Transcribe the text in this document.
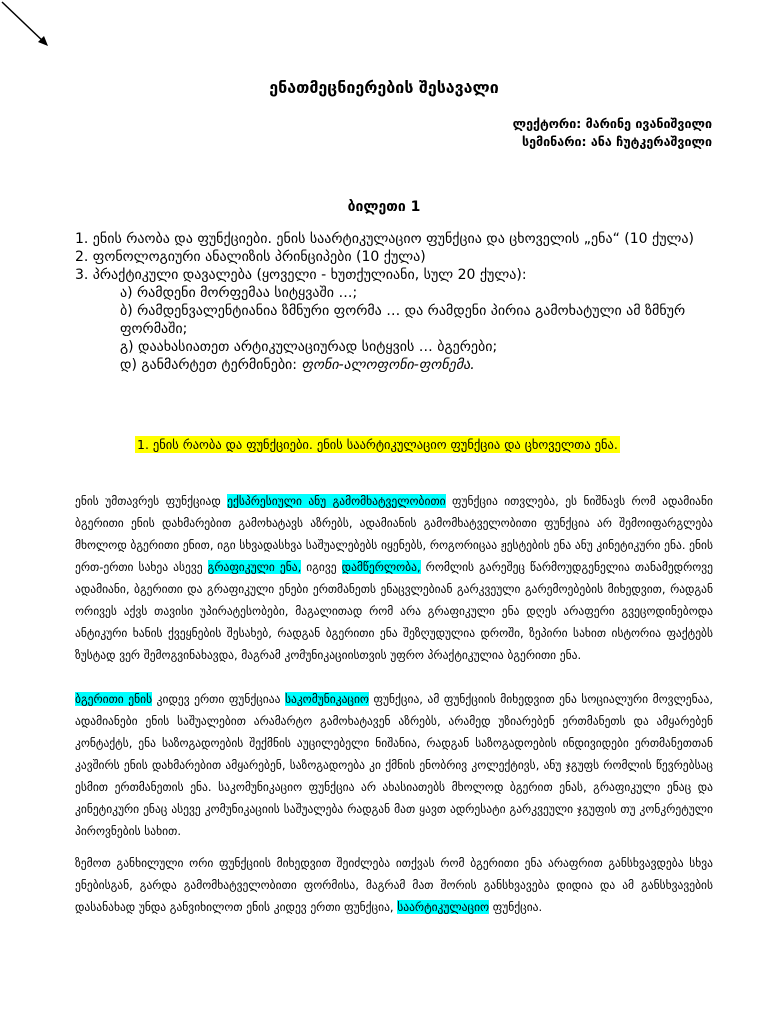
ენათმეცნიერების შესავალი
ლექტორი: მარინე ივანიშვილი
სემინარი: ანა ჩუტკერაშვილი
ბილეთი 1
1. ენის რაობა და ფუნქციები. ენის საარტიკულაციო ფუნქცია და ცხოველის „ენა“ (10 ქულა)
2. ფონოლოგიური ანალიზის პრინციპები (10 ქულა)
3. პრაქტიკული დავალება (ყოველი - ხუთქულიანი, სულ 20 ქულა):
ა) რამდენი მორფემაა სიტყვაში …;
ბ) რამდენვალენტიანია ზმნური ფორმა … და რამდენი პირია გამოხატული ამ ზმნურ ფორმაში;
გ) დაახასიათეთ არტიკულაციურად სიტყვის … ბგერები;
დ) განმარტეთ ტერმინები: ფონი-ალოფონი-ფონემა.
1. ენის რაობა და ფუნქციები. ენის საარტიკულაციო ფუნქცია და ცხოველთა ენა.
ენის უმთავრეს ფუნქციად ექსპრესიული ანუ გამომხატველობითი ფუნქცია ითვლება, ეს ნიშნავს რომ ადამიანი ბგერითი ენის დახმარებით გამოხატავს აზრებს, ადამიანის გამომხატველობითი ფუნქცია არ შემოიფარგლება მხოლოდ ბგერითი ენით, იგი სხვადასხვა საშუალებებს იყენებს, როგორიცაა ჟესტების ენა ანუ კინეტიკური ენა. ენის ერთ-ერთი სახეა ასევე გრაფიკული ენა, იგივე დამწერლობა, რომლის გარეშეც წარმოუდგენელია თანამედროვე ადამიანი, ბგერითი და გრაფიკული ენები ერთმანეთს ენაცვლებიან გარკვეული გარემოებების მიხედვით, რადგან ორივეს აქვს თავისი უპირატესობები, მაგალითად რომ არა გრაფიკული ენა დღეს არაფერი გვეცოდინებოდა ანტიკური ხანის ქვეყნების შესახებ, რადგან ბგერითი ენა შეზღუდულია დროში, ზეპირი სახით ისტორია ფაქტებს ზუსტად ვერ შემოგვინახავდა, მაგრამ კომუნიკაციისთვის უფრო პრაქტიკულია ბგერითი ენა.
ბგერითი ენის კიდევ ერთი ფუნქციაა საკომუნიკაციო ფუნქცია, ამ ფუნქციის მიხედვით ენა სოციალური მოვლენაა, ადამიანები ენის საშუალებით არამარტო გამოხატავენ აზრებს, არამედ უზიარებენ ერთმანეთს და ამყარებენ კონტაქტს, ენა საზოგადოების შექმნის აუცილებელი ნიშანია, რადგან საზოგადოების ინდივიდები ერთმანეთთან კავშირს ენის დახმარებით ამყარებენ, საზოგადოება კი ქმნის ენობრივ კოლექტივს, ანუ ჯგუფს რომლის წევრებსაც ესმით ერთმანეთის ენა. საკომუნიკაციო ფუნქცია არ ახასიათებს მხოლოდ ბგერით ენას, გრაფიკული ენაც და კინეტიკური ენაც ასევე კომუნიკაციის საშუალება რადგან მათ ყავთ ადრესატი გარკვეული ჯგუფის თუ კონკრეტული პიროვნების სახით.
ზემოთ განხილული ორი ფუნქციის მიხედვით შეიძლება ითქვას რომ ბგერითი ენა არაფრით განსხვავდება სხვა ენებისგან, გარდა გამომხატველობითი ფორმისა, მაგრამ მათ შორის განსხვავება დიდია და ამ განსხვავების დასანახად უნდა განვიხილოთ ენის კიდევ ერთი ფუნქცია, საარტიკულაციო ფუნქცია.
